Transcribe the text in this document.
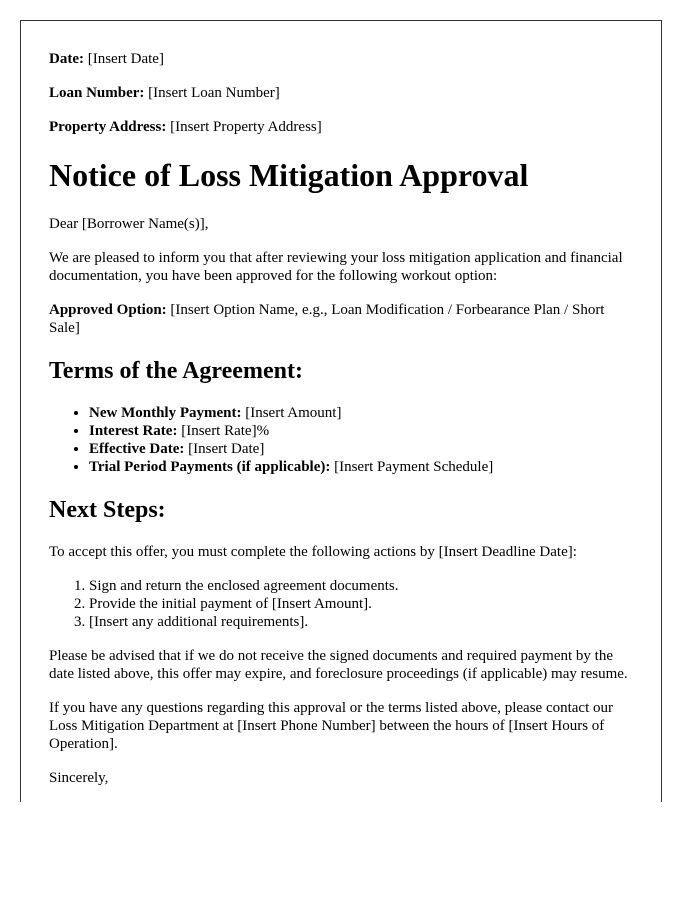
Date: [Insert Date]

Loan Number: [Insert Loan Number]

Property Address: [Insert Property Address]

Notice of Loss Mitigation Approval

Dear [Borrower Name(s)],

We are pleased to inform you that after reviewing your loss mitigation application and financial documentation, you have been approved for the following workout option:

Approved Option: [Insert Option Name, e.g., Loan Modification / Forbearance Plan / Short Sale]

Terms of the Agreement:
• New Monthly Payment: [Insert Amount]
• Interest Rate: [Insert Rate]%
• Effective Date: [Insert Date]
• Trial Period Payments (if applicable): [Insert Payment Schedule]
Next Steps:

To accept this offer, you must complete the following actions by [Insert Deadline Date]:

1. Sign and return the enclosed agreement documents.
2. Provide the initial payment of [Insert Amount].
3. [Insert any additional requirements].

Please be advised that if we do not receive the signed documents and required payment by the date listed above, this offer may expire, and foreclosure proceedings (if applicable) may resume.

If you have any questions regarding this approval or the terms listed above, please contact our Loss Mitigation Department at [Insert Phone Number] between the hours of [Insert Hours of Operation].

Sincerely,
